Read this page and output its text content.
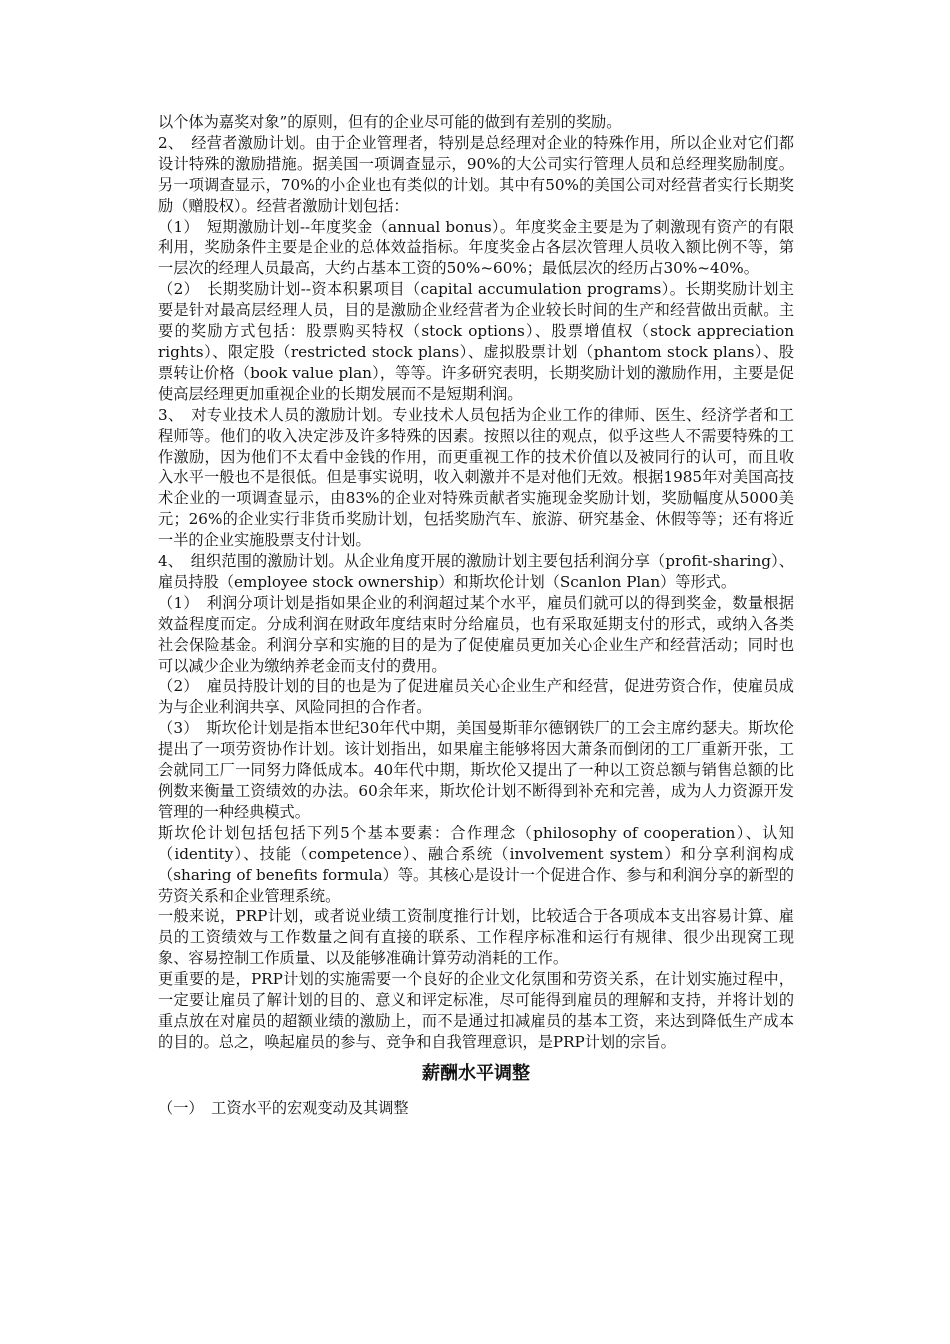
以个体为嘉奖对象”的原则，但有的企业尽可能的做到有差别的奖励。

2、　经营者激励计划。由于企业管理者，特别是总经理对企业的特殊作用，所以企业对它们都设计特殊的激励措施。据美国一项调查显示，90%的大公司实行管理人员和总经理奖励制度。另一项调查显示，70%的小企业也有类似的计划。其中有50%的美国公司对经营者实行长期奖励（赠股权）。经营者激励计划包括：

（1）　短期激励计划--年度奖金（annual bonus）。年度奖金主要是为了刺激现有资产的有限利用，奖励条件主要是企业的总体效益指标。年度奖金占各层次管理人员收入额比例不等，第一层次的经理人员最高，大约占基本工资的50%~60%；最低层次的经历占30%~40%。

（2）　长期奖励计划--资本积累项目（capital accumulation programs）。长期奖励计划主要是针对最高层经理人员，目的是激励企业经营者为企业较长时间的生产和经营做出贡献。主要的奖励方式包括：股票购买特权（stock options）、股票增值权（stock appreciation rights）、限定股（restricted stock plans）、虚拟股票计划（phantom stock plans）、股票转让价格（book value plan），等等。许多研究表明，长期奖励计划的激励作用，主要是促使高层经理更加重视企业的长期发展而不是短期利润。

3、　对专业技术人员的激励计划。专业技术人员包括为企业工作的律师、医生、经济学者和工程师等。他们的收入决定涉及许多特殊的因素。按照以往的观点，似乎这些人不需要特殊的工作激励，因为他们不太看中金钱的作用，而更重视工作的技术价值以及被同行的认可，而且收入水平一般也不是很低。但是事实说明，收入刺激并不是对他们无效。根据1985年对美国高技术企业的一项调查显示，由83%的企业对特殊贡献者实施现金奖励计划，奖励幅度从5000美元；26%的企业实行非货币奖励计划，包括奖励汽车、旅游、研究基金、休假等等；还有将近一半的企业实施股票支付计划。

4、　组织范围的激励计划。从企业角度开展的激励计划主要包括利润分享（profit-sharing）、雇员持股（employee stock ownership）和斯坎伦计划（Scanlon Plan）等形式。

（1）　利润分项计划是指如果企业的利润超过某个水平，雇员们就可以的得到奖金，数量根据效益程度而定。分成利润在财政年度结束时分给雇员，也有采取延期支付的形式，或纳入各类社会保险基金。利润分享和实施的目的是为了促使雇员更加关心企业生产和经营活动；同时也可以减少企业为缴纳养老金而支付的费用。

（2）　雇员持股计划的目的也是为了促进雇员关心企业生产和经营，促进劳资合作，使雇员成为与企业利润共享、风险同担的合作者。

（3）　斯坎伦计划是指本世纪30年代中期，美国曼斯菲尔德钢铁厂的工会主席约瑟夫。斯坎伦提出了一项劳资协作计划。该计划指出，如果雇主能够将因大萧条而倒闭的工厂重新开张，工会就同工厂一同努力降低成本。40年代中期，斯坎伦又提出了一种以工资总额与销售总额的比例数来衡量工资绩效的办法。60余年来，斯坎伦计划不断得到补充和完善，成为人力资源开发管理的一种经典模式。

斯坎伦计划包括包括下列5个基本要素：合作理念（philosophy of cooperation）、认知（identity）、技能（competence）、融合系统（involvement system）和分享利润构成（sharing of benefits formula）等。其核心是设计一个促进合作、参与和利润分享的新型的劳资关系和企业管理系统。

一般来说，PRP计划，或者说业绩工资制度推行计划，比较适合于各项成本支出容易计算、雇员的工资绩效与工作数量之间有直接的联系、工作程序标准和运行有规律、很少出现窝工现象、容易控制工作质量、以及能够准确计算劳动消耗的工作。

更重要的是，PRP计划的实施需要一个良好的企业文化氛围和劳资关系，在计划实施过程中，一定要让雇员了解计划的目的、意义和评定标准，尽可能得到雇员的理解和支持，并将计划的重点放在对雇员的超额业绩的激励上，而不是通过扣减雇员的基本工资，来达到降低生产成本的目的。总之，唤起雇员的参与、竞争和自我管理意识，是PRP计划的宗旨。

薪酬水平调整

（一）　工资水平的宏观变动及其调整
